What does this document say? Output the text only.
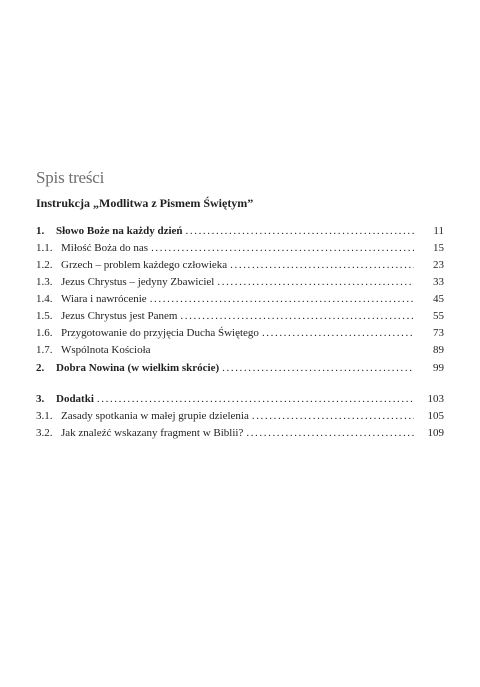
Spis treści
Instrukcja „Modlitwa z Pismem Świętym”
1.	Słowo Boże na każdy dzień .....	11
1.1. Miłość Boża do nas .....	15
1.2. Grzech – problem każdego człowieka .....	23
1.3. Jezus Chrystus – jedyny Zbawiciel .....	33
1.4. Wiara i nawrócenie .....	45
1.5. Jezus Chrystus jest Panem .....	55
1.6. Przygotowanie do przyjęcia Ducha Świętego .....	73
1.7. Wspólnota Kościoła	89
2.	Dobra Nowina (w wielkim skrócie) .....	99
3.	Dodatki .....	103
3.1. Zasady spotkania w małej grupie dzielenia .....	105
3.2. Jak znaleźć wskazany fragment w Biblii? .....	109
